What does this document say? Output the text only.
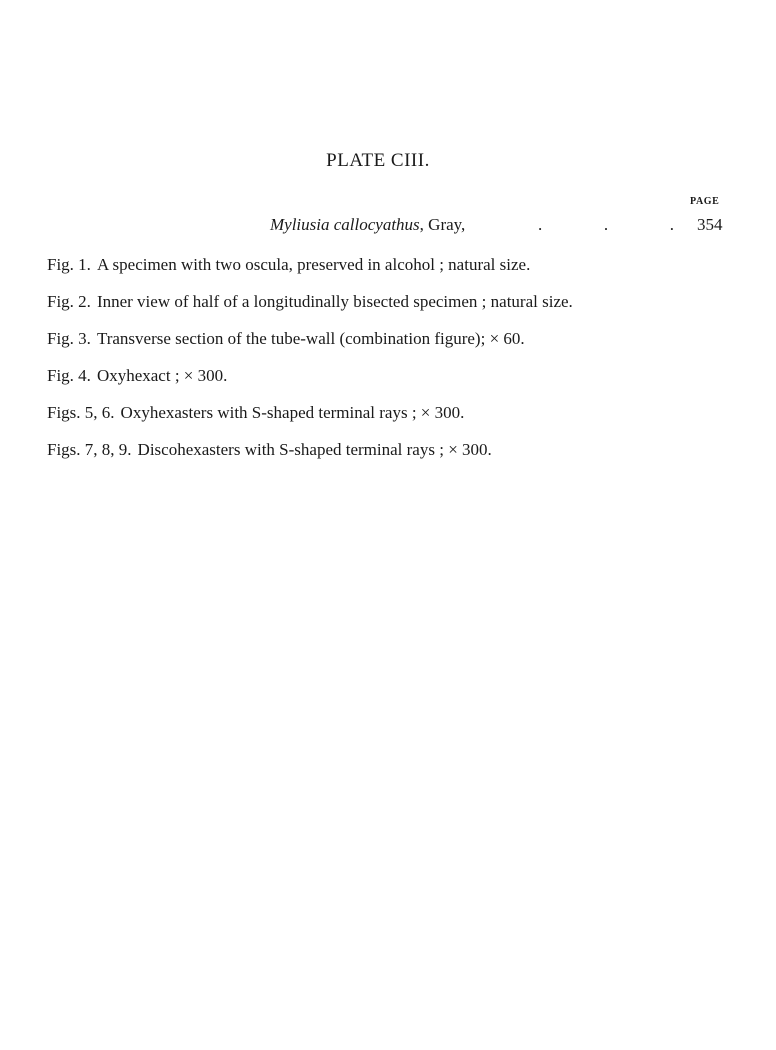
PLATE CIII.
PAGE
Myliusia callocyathus, Gray,	.	.	. 354
Fig. 1. A specimen with two oscula, preserved in alcohol ; natural size.
Fig. 2. Inner view of half of a longitudinally bisected specimen ; natural size.
Fig. 3. Transverse section of the tube-wall (combination figure); × 60.
Fig. 4. Oxyhexact ; × 300.
Figs. 5, 6. Oxyhexasters with S-shaped terminal rays ; × 300.
Figs. 7, 8, 9. Discohexasters with S-shaped terminal rays ; × 300.
